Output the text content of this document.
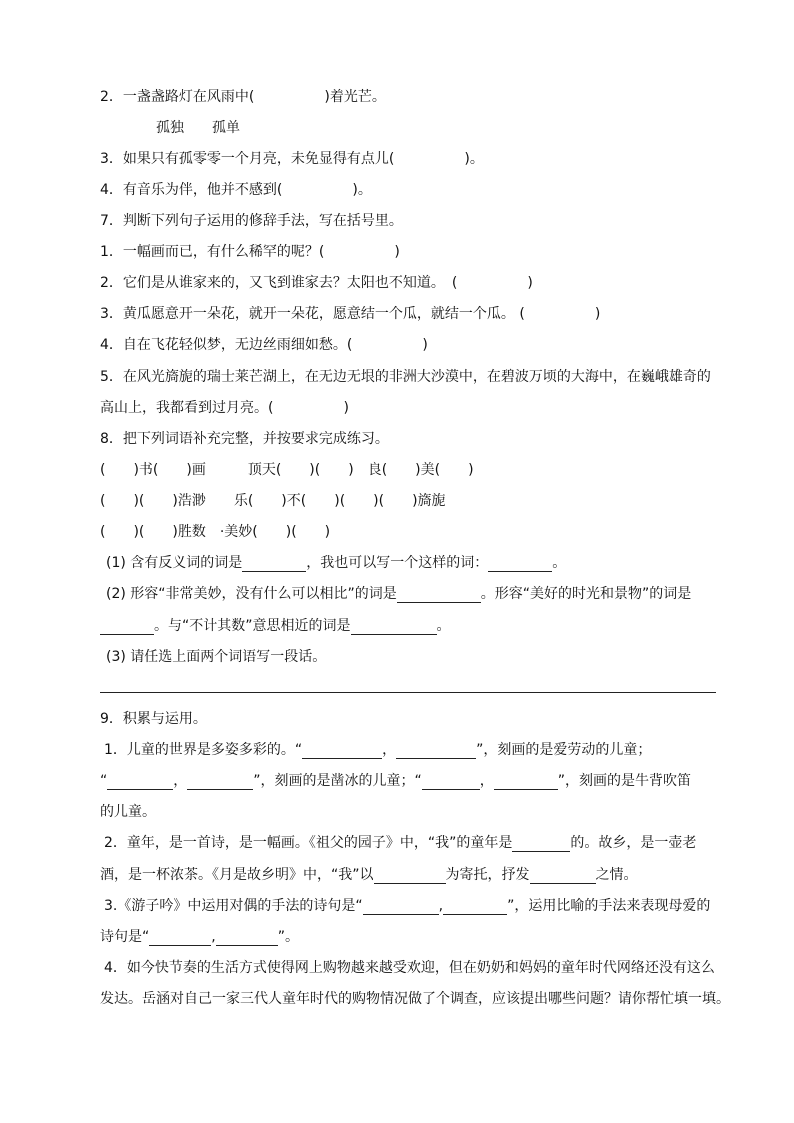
2．一盏盏路灯在风雨中(　　　　　)着光芒。
孤独　　孤单
3．如果只有孤零零一个月亮，未免显得有点儿(　　　　　)。
4．有音乐为伴，他并不感到(　　　　　)。
7．判断下列句子运用的修辞手法，写在括号里。
1．一幅画而已，有什么稀罕的呢？(　　　　　)
2．它们是从谁家来的，又飞到谁家去？太阳也不知道。　(　　　　　)
3．黄瓜愿意开一朵花，就开一朵花，愿意结一个瓜，就结一个瓜。 (　　　　　)
4．自在飞花轻似梦，无边丝雨细如愁。(　　　　　)
5．在风光旖旎的瑞士莱芒湖上，在无边无垠的非洲大沙漠中，在碧波万顷的大海中，在巍峨雄奇的
高山上，我都看到过月亮。(　　　　　)
8．把下列词语补充完整，并按要求完成练习。
(　　)书(　　)画　　　顶天(　　)(　　)　良(　　)美(　　)
(　　)(　　)浩渺　　乐(　　)不(　　)(　　)(　　)旖旎
(　　)(　　)胜数　·美妙(　　)(　　)
(1) 含有反义词的词是	，我也可以写一个这样的词：	。
(2) 形容“非常美妙，没有什么可以相比”的词是	。形容“美好的时光和景物”的词是
。与“不计其数”意思相近的词是	。
(3) 请任选上面两个词语写一段话。
9．积累与运用。
1．儿童的世界是多姿多彩的。“	，	”，刻画的是爱劳动的儿童；
“	，	”，刻画的是凿冰的儿童；“	，	”，刻画的是牛背吹笛
的儿童。
2．童年，是一首诗，是一幅画。《祖父的园子》中，“我”的童年是	的。故乡，是一壶老
酒，是一杯浓茶。《月是故乡明》中，“我”以	为寄托，抒发	之情。
3.《游子吟》中运用对偶的手法的诗句是“	,	”，运用比喻的手法来表现母爱的
诗句是“	,	”。
4．如今快节奏的生活方式使得网上购物越来越受欢迎，但在奶奶和妈妈的童年时代网络还没有这么
发达。岳涵对自己一家三代人童年时代的购物情况做了个调查，应该提出哪些问题？请你帮忙填一填。
